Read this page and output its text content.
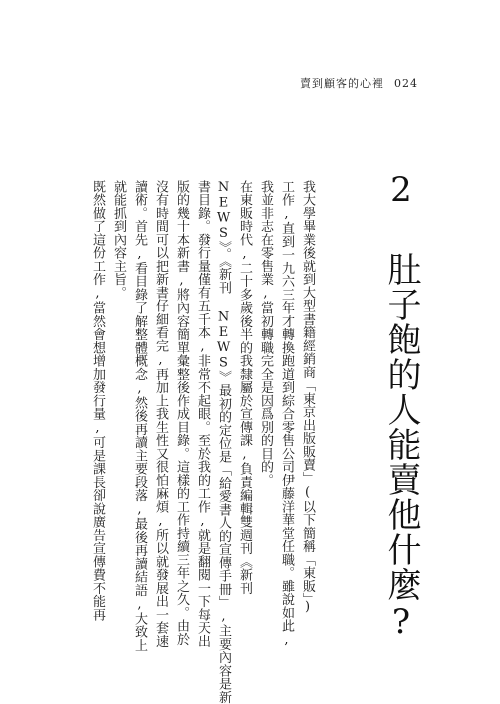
賣到顧客的心裡 024
2 肚子飽的人能賣他什麼?
我大學畢業後就到大型書籍經銷商「東京出版販賣」(以下簡稱「東販」)
工作,直到一九六三年才轉換跑道到綜合零售公司伊藤洋華堂任職。雖說如此,
我並非志在零售業,當初轉職完全是因爲別的目的。
在東販時代,二十多歲後半的我隸屬於宣傳課,負責編輯雙週刊《新刊
NEWS》。《新刊 NEWS》最初的定位是「給愛書人的宣傳手冊」,主要內容是新
書目錄。發行量僅有五千本,非常不起眼。至於我的工作,就是翻閱一下每天出
版的幾十本新書,將內容簡單彙整後作成目錄。這樣的工作持續三年之久。由於
沒有時間可以把新書仔細看完,再加上我生性又很怕麻煩,所以就發展出一套速
讀術。首先,看目錄了解整體概念,然後再讀主要段落,最後再讀結語,大致上
就能抓到內容主旨。
既然做了這份工作,當然會想增加發行量,可是課長卻說廣告宣傳費不能再
